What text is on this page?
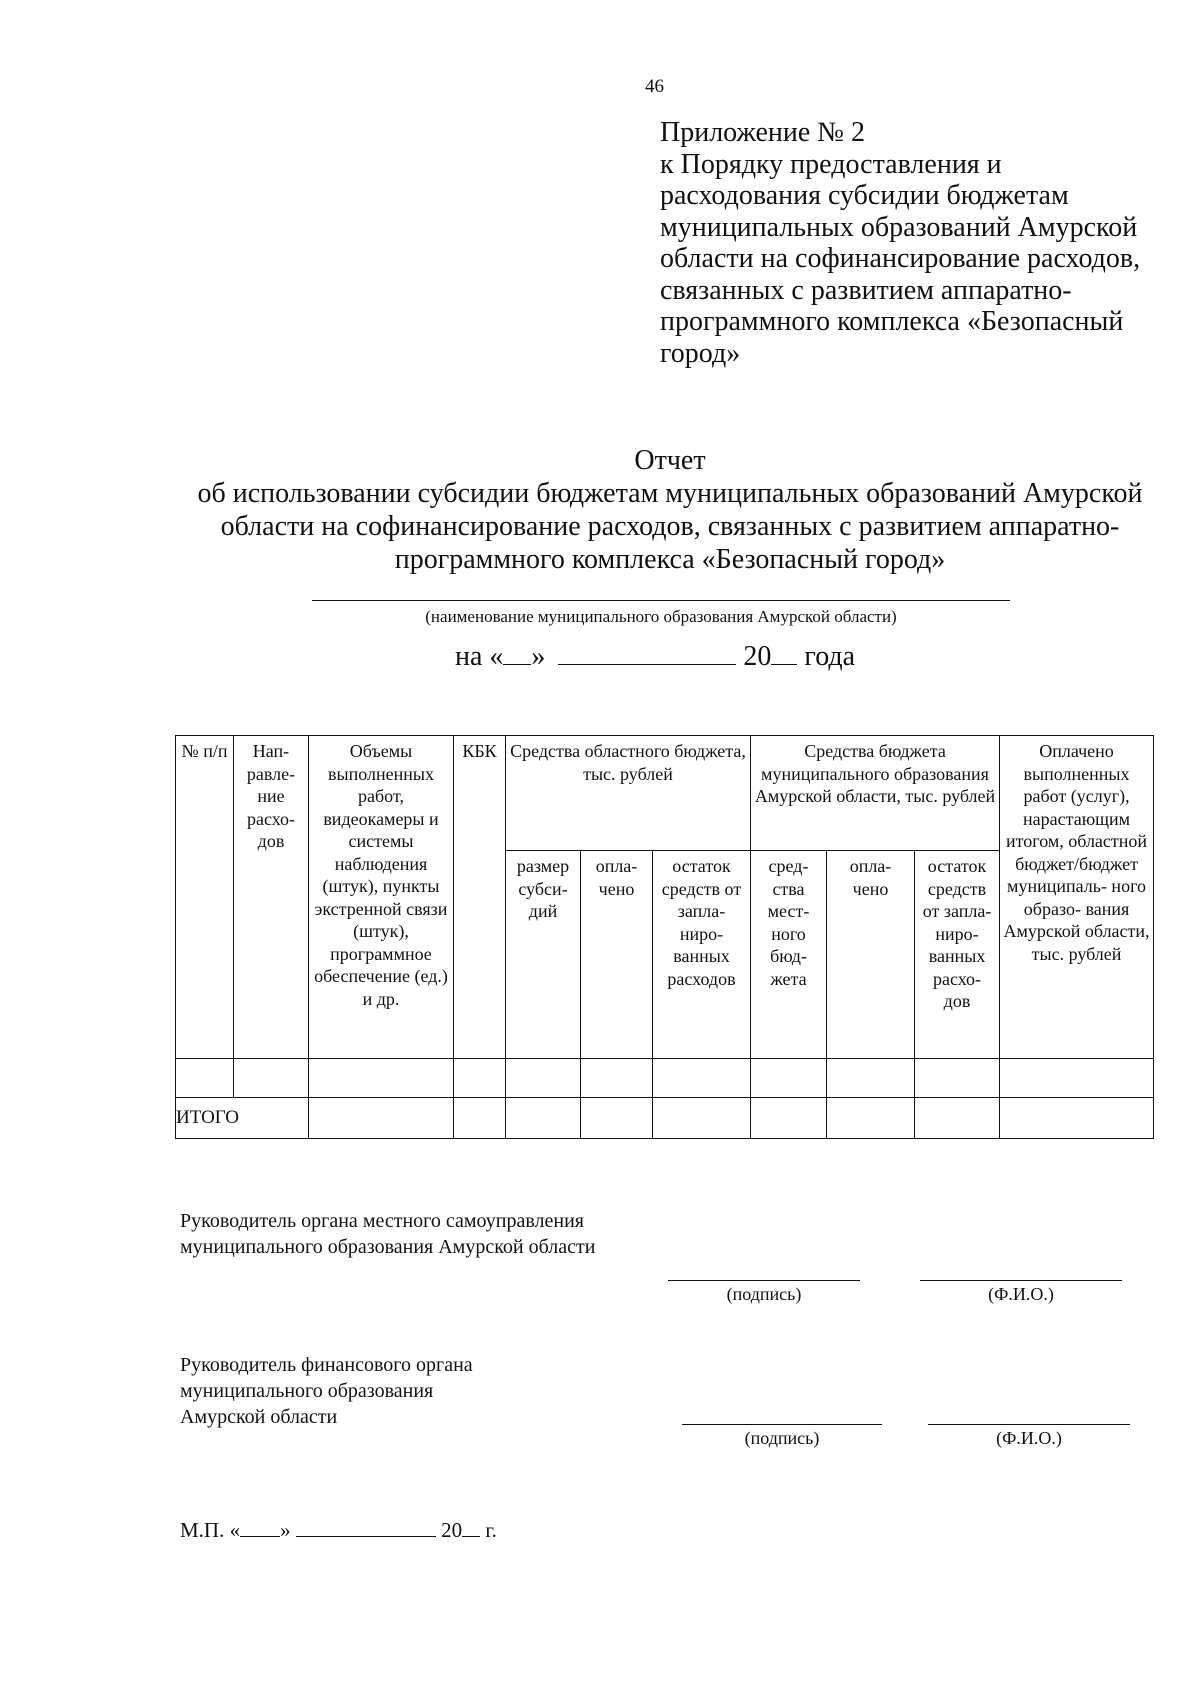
46
Приложение № 2
к Порядку предоставления и
расходования субсидии бюджетам
муниципальных образований Амурской
области на софинансирование расходов,
связанных с развитием аппаратно-
программного комплекса «Безопасный
город»
Отчет
об использовании субсидии бюджетам муниципальных образований Амурской
области на софинансирование расходов, связанных с развитием аппаратно-
программного комплекса «Безопасный город»
(наименование муниципального образования Амурской области)
на « »	20 года
№ п/п	Нап- равле- ние расхо- дов	Объемы выполненных работ, видеокамеры и системы наблюдения (штук), пункты экстренной связи (штук), программное обеспечение (ед.) и др.	КБК	Средства областного бюджета, тыс. рублей			Средства бюджета муниципального образования Амурской области, тыс. рублей			Оплачено выполненных работ (услуг), нарастающим итогом, областной бюджет/бюджет муниципаль- ного образо- вания Амурской области, тыс. рублей
				размер субси- дий	опла- чено	остаток средств от запла- ниро- ванных расходов	сред- ства мест- ного бюд- жета	опла- чено	остаток средств от запла- ниро- ванных расхо- дов	

ИТОГО										
Руководитель органа местного самоуправления
муниципального образования Амурской области
(подпись)	(Ф.И.О.)
Руководитель финансового органа
муниципального образования
Амурской области
(подпись)	(Ф.И.О.)
М.П. « »	20 г.
